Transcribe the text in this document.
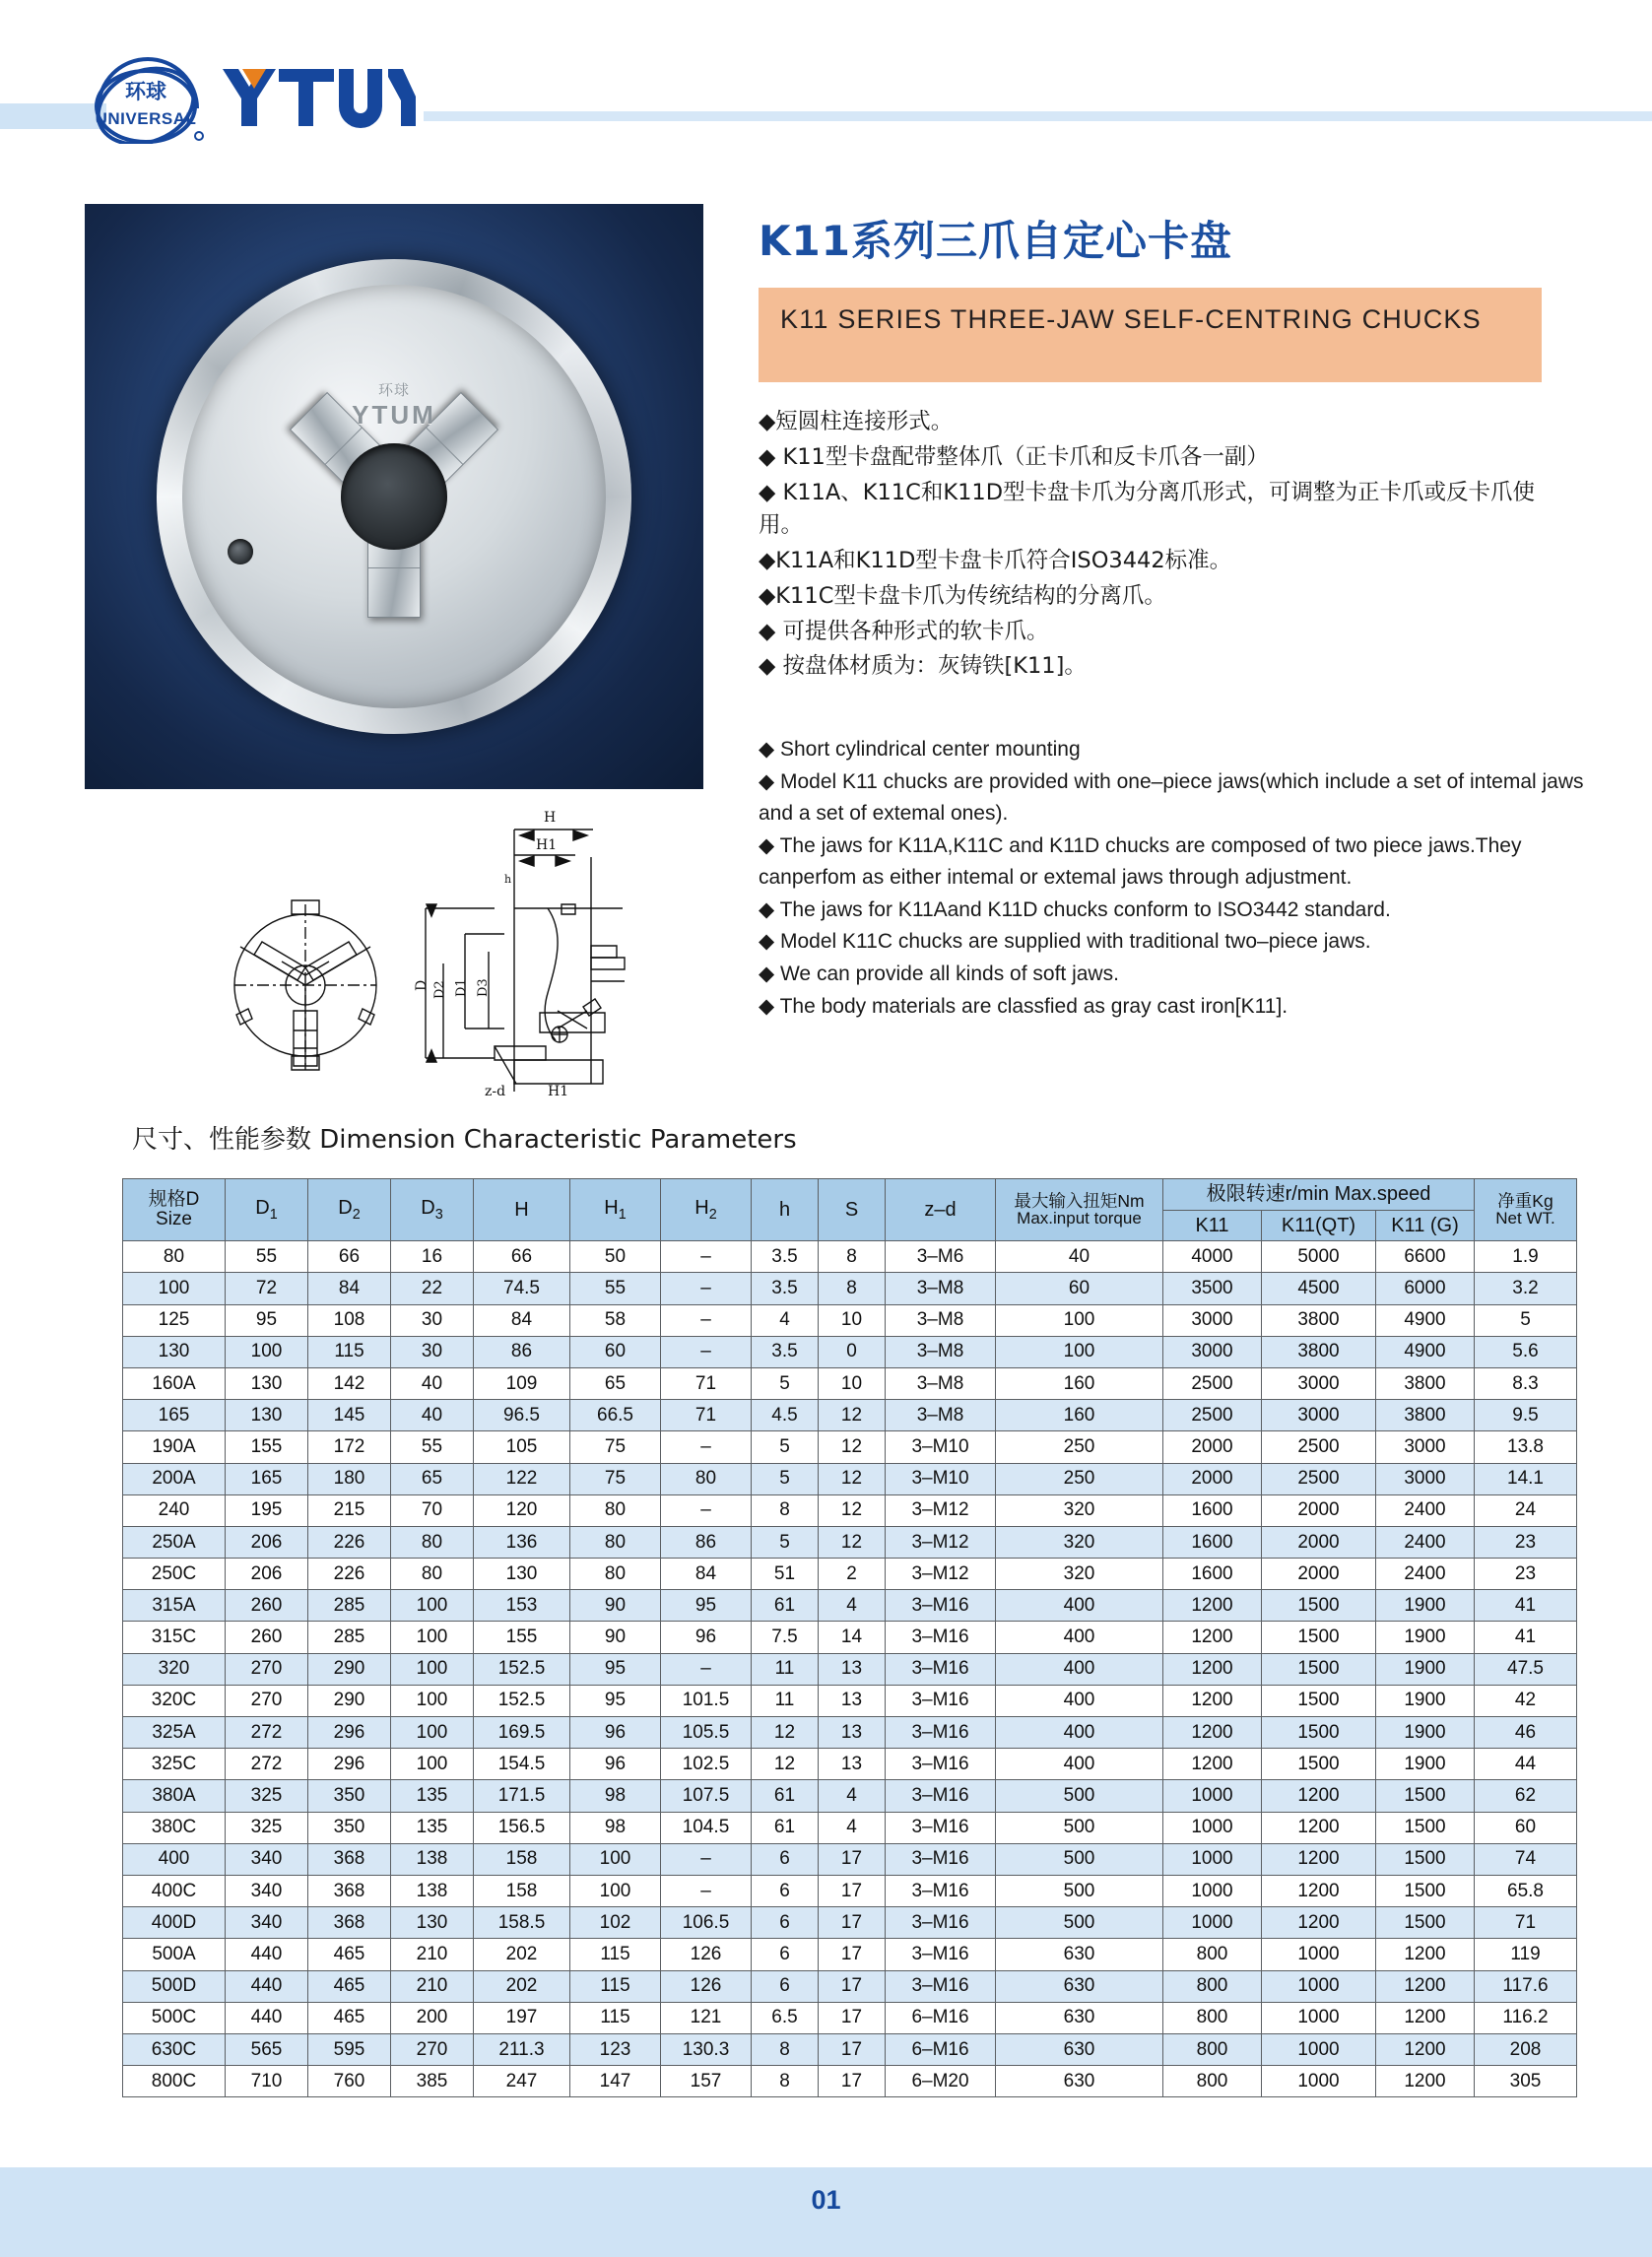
环球
UNIVERSAL
环球
YTUM
K11系列三爪自定心卡盘
K11 SERIES THREE-JAW SELF-CENTRING CHUCKS
◆短圆柱连接形式。
◆ K11型卡盘配带整体爪（正卡爪和反卡爪各一副）
◆ K11A、K11C和K11D型卡盘卡爪为分离爪形式，可调整为正卡爪或反卡爪使用。
◆K11A和K11D型卡盘卡爪符合ISO3442标准。
◆K11C型卡盘卡爪为传统结构的分离爪。
◆ 可提供各种形式的软卡爪。
◆ 按盘体材质为：灰铸铁[K11]。
◆ Short cylindrical center mounting
◆ Model K11 chucks are provided with one–piece jaws(which include a set of intemal jaws and a set of extemal ones).
◆ The jaws for K11A,K11C and K11D chucks are composed of two piece jaws.They canperfom as either intemal or extemal jaws through adjustment.
◆ The jaws for K11Aand K11D chucks conform to ISO3442 standard.
◆ Model K11C chucks are supplied with traditional two–piece jaws.
◆ We can provide all kinds of soft jaws.
◆ The body materials are classfied as gray cast iron[K11].
H
H1
h
D D2 D1 D3
z-d	H1
尺寸、性能参数 Dimension Characteristic Parameters
规格D
Size	$D_1$	$D_2$	$D_3$	H	$H_1$	$H_2$	h	S	z–d	最大输入扭矩Nm
Max.input torque	极限转速r/min Max.speed			净重Kg
Net WT.

											K11	K11(QT)	K11 (G)	
80	55	66	16	66	50	–	3.5	8	3–M6	40	4000	5000	6600	1.9
100	72	84	22	74.5	55	–	3.5	8	3–M8	60	3500	4500	6000	3.2
125	95	108	30	84	58	–	4	10	3–M8	100	3000	3800	4900	5
130	100	115	30	86	60	–	3.5	0	3–M8	100	3000	3800	4900	5.6
160A	130	142	40	109	65	71	5	10	3–M8	160	2500	3000	3800	8.3
165	130	145	40	96.5	66.5	71	4.5	12	3–M8	160	2500	3000	3800	9.5
190A	155	172	55	105	75	–	5	12	3–M10	250	2000	2500	3000	13.8
200A	165	180	65	122	75	80	5	12	3–M10	250	2000	2500	3000	14.1
240	195	215	70	120	80	–	8	12	3–M12	320	1600	2000	2400	24
250A	206	226	80	136	80	86	5	12	3–M12	320	1600	2000	2400	23
250C	206	226	80	130	80	84	51	2	3–M12	320	1600	2000	2400	23
315A	260	285	100	153	90	95	61	4	3–M16	400	1200	1500	1900	41
315C	260	285	100	155	90	96	7.5	14	3–M16	400	1200	1500	1900	41
320	270	290	100	152.5	95	–	11	13	3–M16	400	1200	1500	1900	47.5
320C	270	290	100	152.5	95	101.5	11	13	3–M16	400	1200	1500	1900	42
325A	272	296	100	169.5	96	105.5	12	13	3–M16	400	1200	1500	1900	46
325C	272	296	100	154.5	96	102.5	12	13	3–M16	400	1200	1500	1900	44
380A	325	350	135	171.5	98	107.5	61	4	3–M16	500	1000	1200	1500	62
380C	325	350	135	156.5	98	104.5	61	4	3–M16	500	1000	1200	1500	60
400	340	368	138	158	100	–	6	17	3–M16	500	1000	1200	1500	74
400C	340	368	138	158	100	–	6	17	3–M16	500	1000	1200	1500	65.8
400D	340	368	130	158.5	102	106.5	6	17	3–M16	500	1000	1200	1500	71
500A	440	465	210	202	115	126	6	17	3–M16	630	800	1000	1200	119
500D	440	465	210	202	115	126	6	17	3–M16	630	800	1000	1200	117.6
500C	440	465	200	197	115	121	6.5	17	6–M16	630	800	1000	1200	116.2
630C	565	595	270	211.3	123	130.3	8	17	6–M16	630	800	1000	1200	208
800C	710	760	385	247	147	157	8	17	6–M20	630	800	1000	1200	305
01
